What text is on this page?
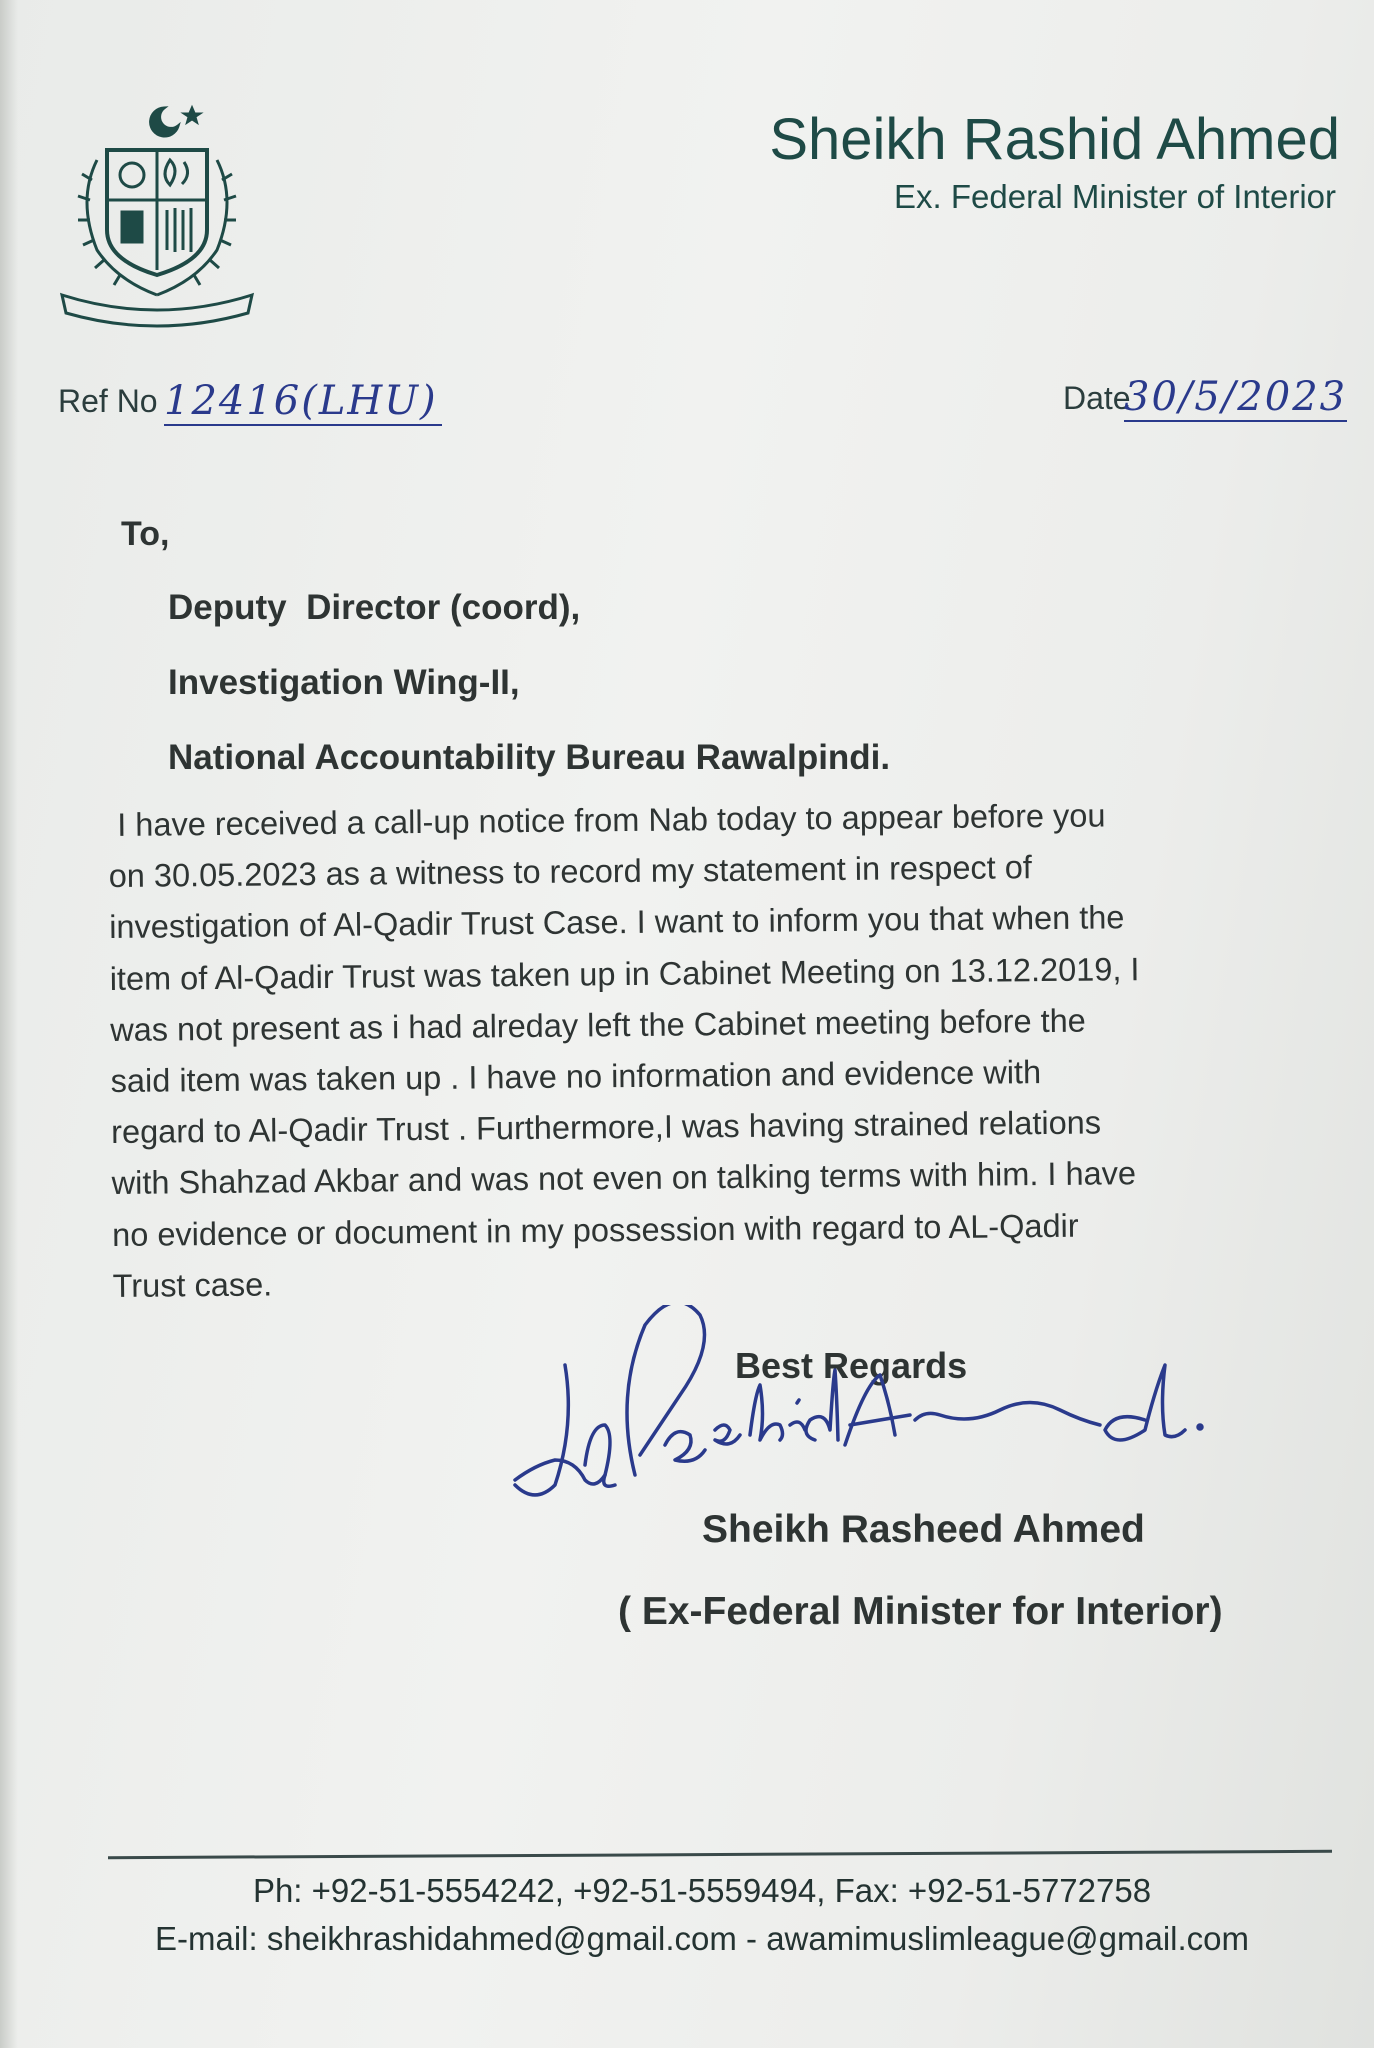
Sheikh Rashid Ahmed
Ex. Federal Minister of Interior
Ref No 12416(LHU)	Date
30/5/2023
To,
Deputy  Director (coord),
Investigation Wing-II,
National Accountability Bureau Rawalpindi.
I have received a call-up notice from Nab today to appear before you
on 30.05.2023 as a witness to record my statement in respect of
investigation of Al-Qadir Trust Case. I want to inform you that when the
item of Al-Qadir Trust was taken up in Cabinet Meeting on 13.12.2019, I
was not present as i had alreday left the Cabinet meeting before the
said item was taken up . I have no information and evidence with
regard to Al-Qadir Trust . Furthermore,I was having strained relations
with Shahzad Akbar and was not even on talking terms with him. I have
no evidence or document in my possession with regard to AL-Qadir
Trust case.
Best Regards
Sheikh Rasheed Ahmed
( Ex-Federal Minister for Interior)
Ph: +92-51-5554242, +92-51-5559494, Fax: +92-51-5772758
E-mail: sheikhrashidahmed@gmail.com - awamimuslimleague@gmail.com
